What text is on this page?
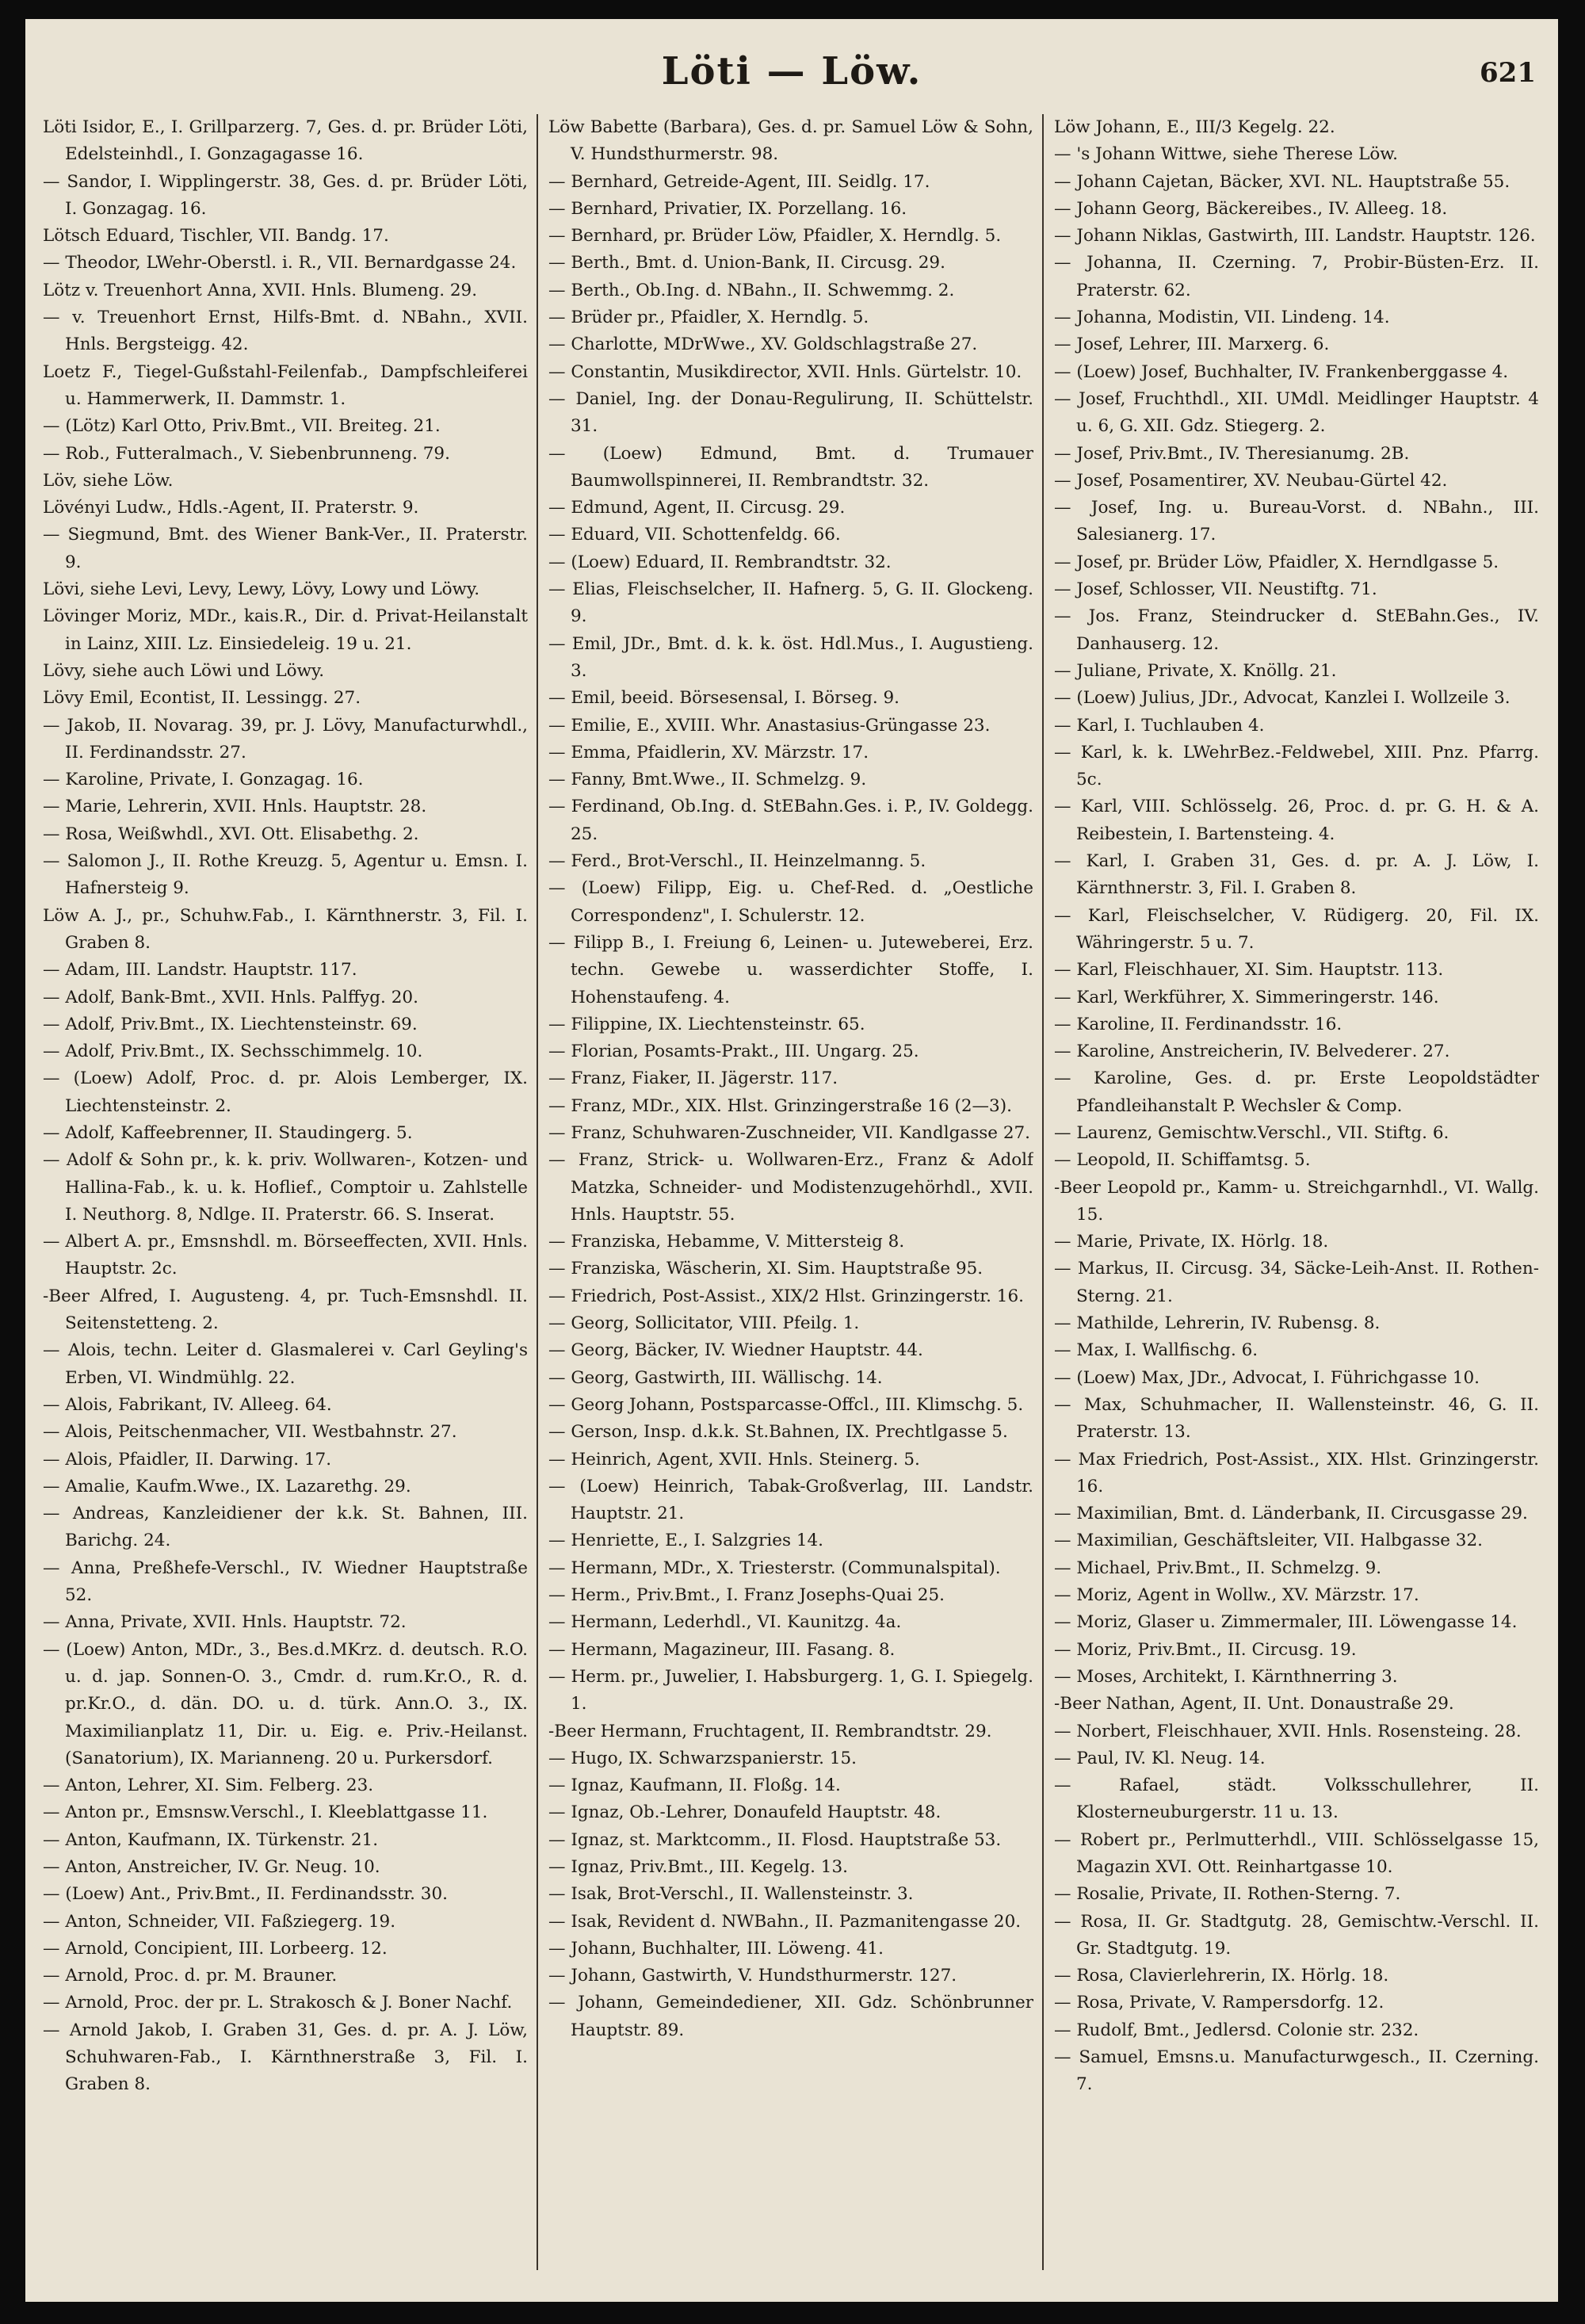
Löti — Löw.	621
Löti Isidor, E., I. Grillparzerg. 7, Ges. d. pr. Brüder Löti, Edelsteinhdl., I. Gonzagagasse 16.
— Sandor, I. Wipplingerstr. 38, Ges. d. pr. Brüder Löti, I. Gonzagag. 16.
Lötsch Eduard, Tischler, VII. Bandg. 17.
— Theodor, LWehr-Oberstl. i. R., VII. Bernardgasse 24.
Lötz v. Treuenhort Anna, XVII. Hnls. Blumeng. 29.
— v. Treuenhort Ernst, Hilfs-Bmt. d. NBahn., XVII. Hnls. Bergsteigg. 42.
Loetz F., Tiegel-Gußstahl-Feilenfab., Dampfschleiferei u. Hammerwerk, II. Dammstr. 1.
— (Lötz) Karl Otto, Priv.Bmt., VII. Breiteg. 21.
— Rob., Futteralmach., V. Siebenbrunneng. 79.
Löv, siehe Löw.
Lövényi Ludw., Hdls.-Agent, II. Praterstr. 9.
— Siegmund, Bmt. des Wiener Bank-Ver., II. Praterstr. 9.
Lövi, siehe Levi, Levy, Lewy, Lövy, Lowy und Löwy.
Lövinger Moriz, MDr., kais.R., Dir. d. Privat-Heilanstalt in Lainz, XIII. Lz. Einsiedeleig. 19 u. 21.
Lövy, siehe auch Löwi und Löwy.
Lövy Emil, Econtist, II. Lessingg. 27.
— Jakob, II. Novarag. 39, pr. J. Lövy, Manufacturwhdl., II. Ferdinandsstr. 27.
— Karoline, Private, I. Gonzagag. 16.
— Marie, Lehrerin, XVII. Hnls. Hauptstr. 28.
— Rosa, Weißwhdl., XVI. Ott. Elisabethg. 2.
— Salomon J., II. Rothe Kreuzg. 5, Agentur u. Emsn. I. Hafnersteig 9.
Löw A. J., pr., Schuhw.Fab., I. Kärnthnerstr. 3, Fil. I. Graben 8.
— Adam, III. Landstr. Hauptstr. 117.
— Adolf, Bank-Bmt., XVII. Hnls. Palffyg. 20.
— Adolf, Priv.Bmt., IX. Liechtensteinstr. 69.
— Adolf, Priv.Bmt., IX. Sechsschimmelg. 10.
— (Loew) Adolf, Proc. d. pr. Alois Lemberger, IX. Liechtensteinstr. 2.
— Adolf, Kaffeebrenner, II. Staudingerg. 5.
— Adolf & Sohn pr., k. k. priv. Wollwaren-, Kotzen- und Hallina-Fab., k. u. k. Hoflief., Comptoir u. Zahlstelle I. Neuthorg. 8, Ndlge. II. Praterstr. 66. S. Inserat.
— Albert A. pr., Emsnshdl. m. Börseeffecten, XVII. Hnls. Hauptstr. 2c.
-Beer Alfred, I. Augusteng. 4, pr. Tuch-Emsnshdl. II. Seitenstetteng. 2.
— Alois, techn. Leiter d. Glasmalerei v. Carl Geyling's Erben, VI. Windmühlg. 22.
— Alois, Fabrikant, IV. Alleeg. 64.
— Alois, Peitschenmacher, VII. Westbahnstr. 27.
— Alois, Pfaidler, II. Darwing. 17.
— Amalie, Kaufm.Wwe., IX. Lazarethg. 29.
— Andreas, Kanzleidiener der k.k. St. Bahnen, III. Barichg. 24.
— Anna, Preßhefe-Verschl., IV. Wiedner Hauptstraße 52.
— Anna, Private, XVII. Hnls. Hauptstr. 72.
— (Loew) Anton, MDr., 3., Bes.d.MKrz. d. deutsch. R.O. u. d. jap. Sonnen-O. 3., Cmdr. d. rum.Kr.O., R. d. pr.Kr.O., d. dän. DO. u. d. türk. Ann.O. 3., IX. Maximilianplatz 11, Dir. u. Eig. e. Priv.-Heilanst. (Sanatorium), IX. Marianneng. 20 u. Purkersdorf.
— Anton, Lehrer, XI. Sim. Felberg. 23.
— Anton pr., Emsnsw.Verschl., I. Kleeblattgasse 11.
— Anton, Kaufmann, IX. Türkenstr. 21.
— Anton, Anstreicher, IV. Gr. Neug. 10.
— (Loew) Ant., Priv.Bmt., II. Ferdinandsstr. 30.
— Anton, Schneider, VII. Faßziegerg. 19.
— Arnold, Concipient, III. Lorbeerg. 12.
— Arnold, Proc. d. pr. M. Brauner.
— Arnold, Proc. der pr. L. Strakosch & J. Boner Nachf.
— Arnold Jakob, I. Graben 31, Ges. d. pr. A. J. Löw, Schuhwaren-Fab., I. Kärnthnerstraße 3, Fil. I. Graben 8.
Löw Babette (Barbara), Ges. d. pr. Samuel Löw & Sohn, V. Hundsthurmerstr. 98.
— Bernhard, Getreide-Agent, III. Seidlg. 17.
— Bernhard, Privatier, IX. Porzellang. 16.
— Bernhard, pr. Brüder Löw, Pfaidler, X. Herndlg. 5.
— Berth., Bmt. d. Union-Bank, II. Circusg. 29.
— Berth., Ob.Ing. d. NBahn., II. Schwemmg. 2.
— Brüder pr., Pfaidler, X. Herndlg. 5.
— Charlotte, MDrWwe., XV. Goldschlagstraße 27.
— Constantin, Musikdirector, XVII. Hnls. Gürtelstr. 10.
— Daniel, Ing. der Donau-Regulirung, II. Schüttelstr. 31.
— (Loew) Edmund, Bmt. d. Trumauer Baumwollspinnerei, II. Rembrandtstr. 32.
— Edmund, Agent, II. Circusg. 29.
— Eduard, VII. Schottenfeldg. 66.
— (Loew) Eduard, II. Rembrandtstr. 32.
— Elias, Fleischselcher, II. Hafnerg. 5, G. II. Glockeng. 9.
— Emil, JDr., Bmt. d. k. k. öst. Hdl.Mus., I. Augustieng. 3.
— Emil, beeid. Börsesensal, I. Börseg. 9.
— Emilie, E., XVIII. Whr. Anastasius-Grüngasse 23.
— Emma, Pfaidlerin, XV. Märzstr. 17.
— Fanny, Bmt.Wwe., II. Schmelzg. 9.
— Ferdinand, Ob.Ing. d. StEBahn.Ges. i. P., IV. Goldegg. 25.
— Ferd., Brot-Verschl., II. Heinzelmanng. 5.
— (Loew) Filipp, Eig. u. Chef-Red. d. „Oestliche Correspondenz", I. Schulerstr. 12.
— Filipp B., I. Freiung 6, Leinen- u. Juteweberei, Erz. techn. Gewebe u. wasserdichter Stoffe, I. Hohenstaufeng. 4.
— Filippine, IX. Liechtensteinstr. 65.
— Florian, Posamts-Prakt., III. Ungarg. 25.
— Franz, Fiaker, II. Jägerstr. 117.
— Franz, MDr., XIX. Hlst. Grinzingerstraße 16 (2—3).
— Franz, Schuhwaren-Zuschneider, VII. Kandlgasse 27.
— Franz, Strick- u. Wollwaren-Erz., Franz & Adolf Matzka, Schneider- und Modistenzugehörhdl., XVII. Hnls. Hauptstr. 55.
— Franziska, Hebamme, V. Mittersteig 8.
— Franziska, Wäscherin, XI. Sim. Hauptstraße 95.
— Friedrich, Post-Assist., XIX/2 Hlst. Grinzingerstr. 16.
— Georg, Sollicitator, VIII. Pfeilg. 1.
— Georg, Bäcker, IV. Wiedner Hauptstr. 44.
— Georg, Gastwirth, III. Wällischg. 14.
— Georg Johann, Postsparcasse-Offcl., III. Klimschg. 5.
— Gerson, Insp. d.k.k. St.Bahnen, IX. Prechtlgasse 5.
— Heinrich, Agent, XVII. Hnls. Steinerg. 5.
— (Loew) Heinrich, Tabak-Großverlag, III. Landstr. Hauptstr. 21.
— Henriette, E., I. Salzgries 14.
— Hermann, MDr., X. Triesterstr. (Communalspital).
— Herm., Priv.Bmt., I. Franz Josephs-Quai 25.
— Hermann, Lederhdl., VI. Kaunitzg. 4a.
— Hermann, Magazineur, III. Fasang. 8.
— Herm. pr., Juwelier, I. Habsburgerg. 1, G. I. Spiegelg. 1.
-Beer Hermann, Fruchtagent, II. Rembrandtstr. 29.
— Hugo, IX. Schwarzspanierstr. 15.
— Ignaz, Kaufmann, II. Floßg. 14.
— Ignaz, Ob.-Lehrer, Donaufeld Hauptstr. 48.
— Ignaz, st. Marktcomm., II. Flosd. Hauptstraße 53.
— Ignaz, Priv.Bmt., III. Kegelg. 13.
— Isak, Brot-Verschl., II. Wallensteinstr. 3.
— Isak, Revident d. NWBahn., II. Pazmanitengasse 20.
— Johann, Buchhalter, III. Löweng. 41.
— Johann, Gastwirth, V. Hundsthurmerstr. 127.
— Johann, Gemeindediener, XII. Gdz. Schönbrunner Hauptstr. 89.
Löw Johann, E., III/3 Kegelg. 22.
— 's Johann Wittwe, siehe Therese Löw.
— Johann Cajetan, Bäcker, XVI. NL. Hauptstraße 55.
— Johann Georg, Bäckereibes., IV. Alleeg. 18.
— Johann Niklas, Gastwirth, III. Landstr. Hauptstr. 126.
— Johanna, II. Czerning. 7, Probir-Büsten-Erz. II. Praterstr. 62.
— Johanna, Modistin, VII. Lindeng. 14.
— Josef, Lehrer, III. Marxerg. 6.
— (Loew) Josef, Buchhalter, IV. Frankenberggasse 4.
— Josef, Fruchthdl., XII. UMdl. Meidlinger Hauptstr. 4 u. 6, G. XII. Gdz. Stiegerg. 2.
— Josef, Priv.Bmt., IV. Theresianumg. 2B.
— Josef, Posamentirer, XV. Neubau-Gürtel 42.
— Josef, Ing. u. Bureau-Vorst. d. NBahn., III. Salesianerg. 17.
— Josef, pr. Brüder Löw, Pfaidler, X. Herndlgasse 5.
— Josef, Schlosser, VII. Neustiftg. 71.
— Jos. Franz, Steindrucker d. StEBahn.Ges., IV. Danhauserg. 12.
— Juliane, Private, X. Knöllg. 21.
— (Loew) Julius, JDr., Advocat, Kanzlei I. Wollzeile 3.
— Karl, I. Tuchlauben 4.
— Karl, k. k. LWehrBez.-Feldwebel, XIII. Pnz. Pfarrg. 5c.
— Karl, VIII. Schlösselg. 26, Proc. d. pr. G. H. & A. Reibestein, I. Bartensteing. 4.
— Karl, I. Graben 31, Ges. d. pr. A. J. Löw, I. Kärnthnerstr. 3, Fil. I. Graben 8.
— Karl, Fleischselcher, V. Rüdigerg. 20, Fil. IX. Währingerstr. 5 u. 7.
— Karl, Fleischhauer, XI. Sim. Hauptstr. 113.
— Karl, Werkführer, X. Simmeringerstr. 146.
— Karoline, II. Ferdinandsstr. 16.
— Karoline, Anstreicherin, IV. Belvederег. 27.
— Karoline, Ges. d. pr. Erste Leopoldstädter Pfandleihanstalt P. Wechsler & Comp.
— Laurenz, Gemischtw.Verschl., VII. Stiftg. 6.
— Leopold, II. Schiffamtsg. 5.
-Beer Leopold pr., Kamm- u. Streichgarnhdl., VI. Wallg. 15.
— Marie, Private, IX. Hörlg. 18.
— Markus, II. Circusg. 34, Säcke-Leih-Anst. II. Rothen-Sterng. 21.
— Mathilde, Lehrerin, IV. Rubensg. 8.
— Max, I. Wallfischg. 6.
— (Loew) Max, JDr., Advocat, I. Führichgasse 10.
— Max, Schuhmacher, II. Wallensteinstr. 46, G. II. Praterstr. 13.
— Max Friedrich, Post-Assist., XIX. Hlst. Grinzingerstr. 16.
— Maximilian, Bmt. d. Länderbank, II. Circusgasse 29.
— Maximilian, Geschäftsleiter, VII. Halbgasse 32.
— Michael, Priv.Bmt., II. Schmelzg. 9.
— Moriz, Agent in Wollw., XV. Märzstr. 17.
— Moriz, Glaser u. Zimmermaler, III. Löwengasse 14.
— Moriz, Priv.Bmt., II. Circusg. 19.
— Moses, Architekt, I. Kärnthnerring 3.
-Beer Nathan, Agent, II. Unt. Donaustraße 29.
— Norbert, Fleischhauer, XVII. Hnls. Rosensteing. 28.
— Paul, IV. Kl. Neug. 14.
— Rafael, städt. Volksschullehrer, II. Klosterneuburgerstr. 11 u. 13.
— Robert pr., Perlmutterhdl., VIII. Schlösselgasse 15, Magazin XVI. Ott. Reinhartgasse 10.
— Rosalie, Private, II. Rothen-Sterng. 7.
— Rosa, II. Gr. Stadtgutg. 28, Gemischtw.-Verschl. II. Gr. Stadtgutg. 19.
— Rosa, Clavierlehrerin, IX. Hörlg. 18.
— Rosa, Private, V. Rampersdorfg. 12.
— Rudolf, Bmt., Jedlersd. Colonie str. 232.
— Samuel, Emsns.u. Manufacturwgesch., II. Czerning. 7.
